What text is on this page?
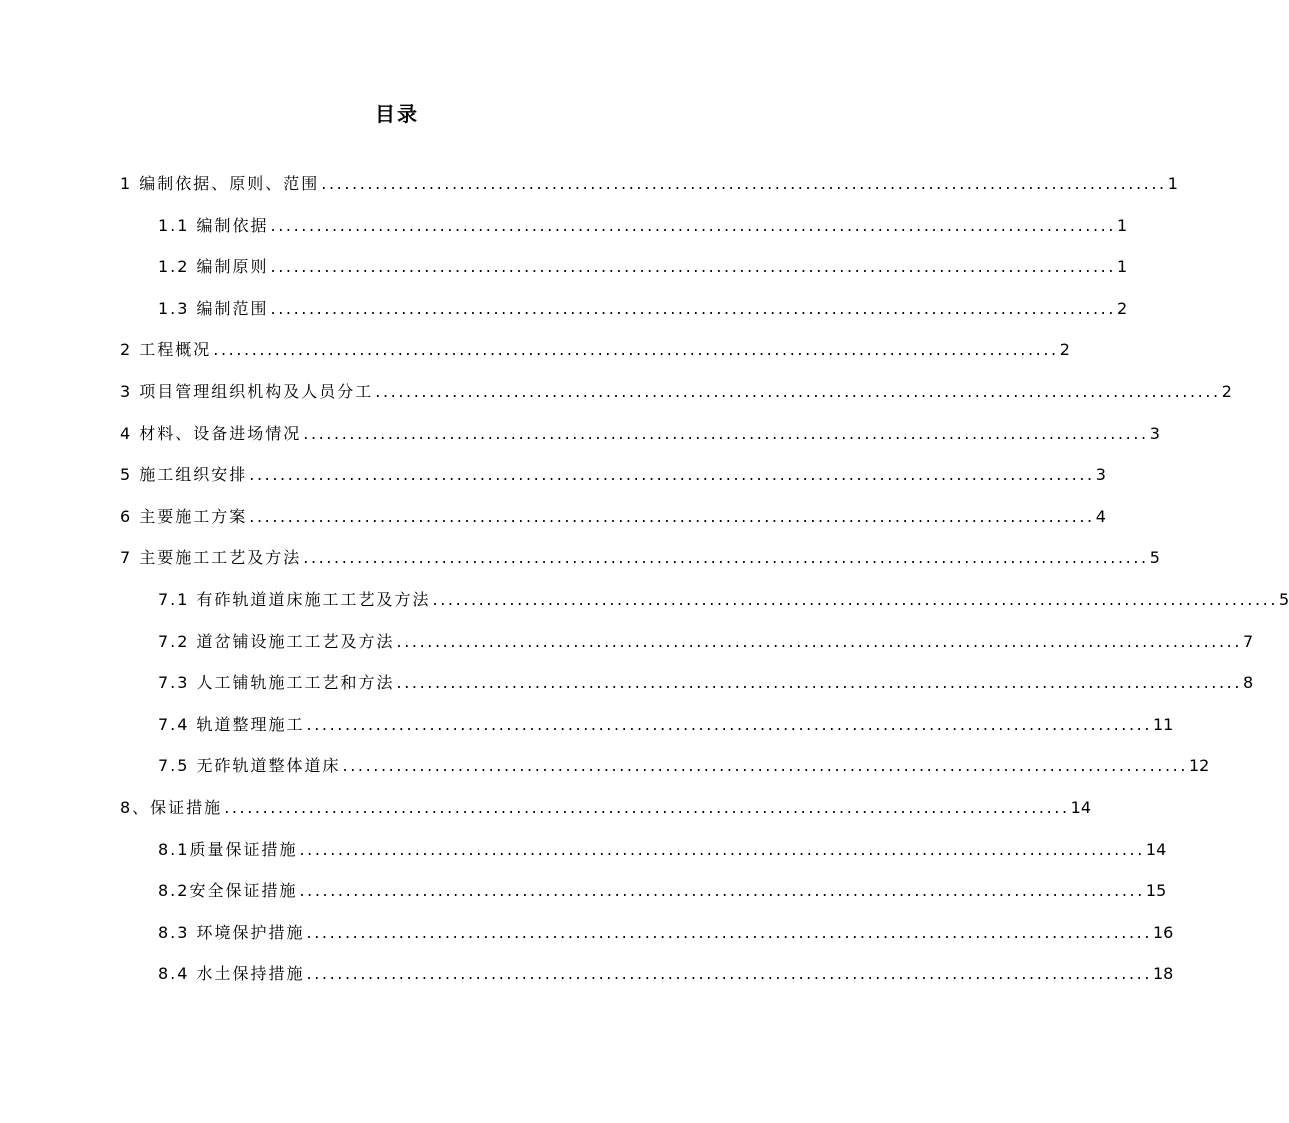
目录
1 编制依据、原则、范围 .............................................................................................................. 1
1.1 编制依据 .............................................................................................................. 1
1.2 编制原则 .............................................................................................................. 1
1.3 编制范围 .............................................................................................................. 2
2 工程概况 .............................................................................................................. 2
3 项目管理组织机构及人员分工 .............................................................................................................. 2
4 材料、设备进场情况 .............................................................................................................. 3
5 施工组织安排 .............................................................................................................. 3
6 主要施工方案 .............................................................................................................. 4
7 主要施工工艺及方法 .............................................................................................................. 5
7.1 有砟轨道道床施工工艺及方法 .............................................................................................................. 5
7.2 道岔铺设施工工艺及方法 .............................................................................................................. 7
7.3 人工铺轨施工工艺和方法 .............................................................................................................. 8
7.4 轨道整理施工 .............................................................................................................. 11
7.5 无砟轨道整体道床 .............................................................................................................. 12
8、保证措施 .............................................................................................................. 14
8.1质量保证措施 .............................................................................................................. 14
8.2安全保证措施 .............................................................................................................. 15
8.3 环境保护措施 .............................................................................................................. 16
8.4 水土保持措施 .............................................................................................................. 18
